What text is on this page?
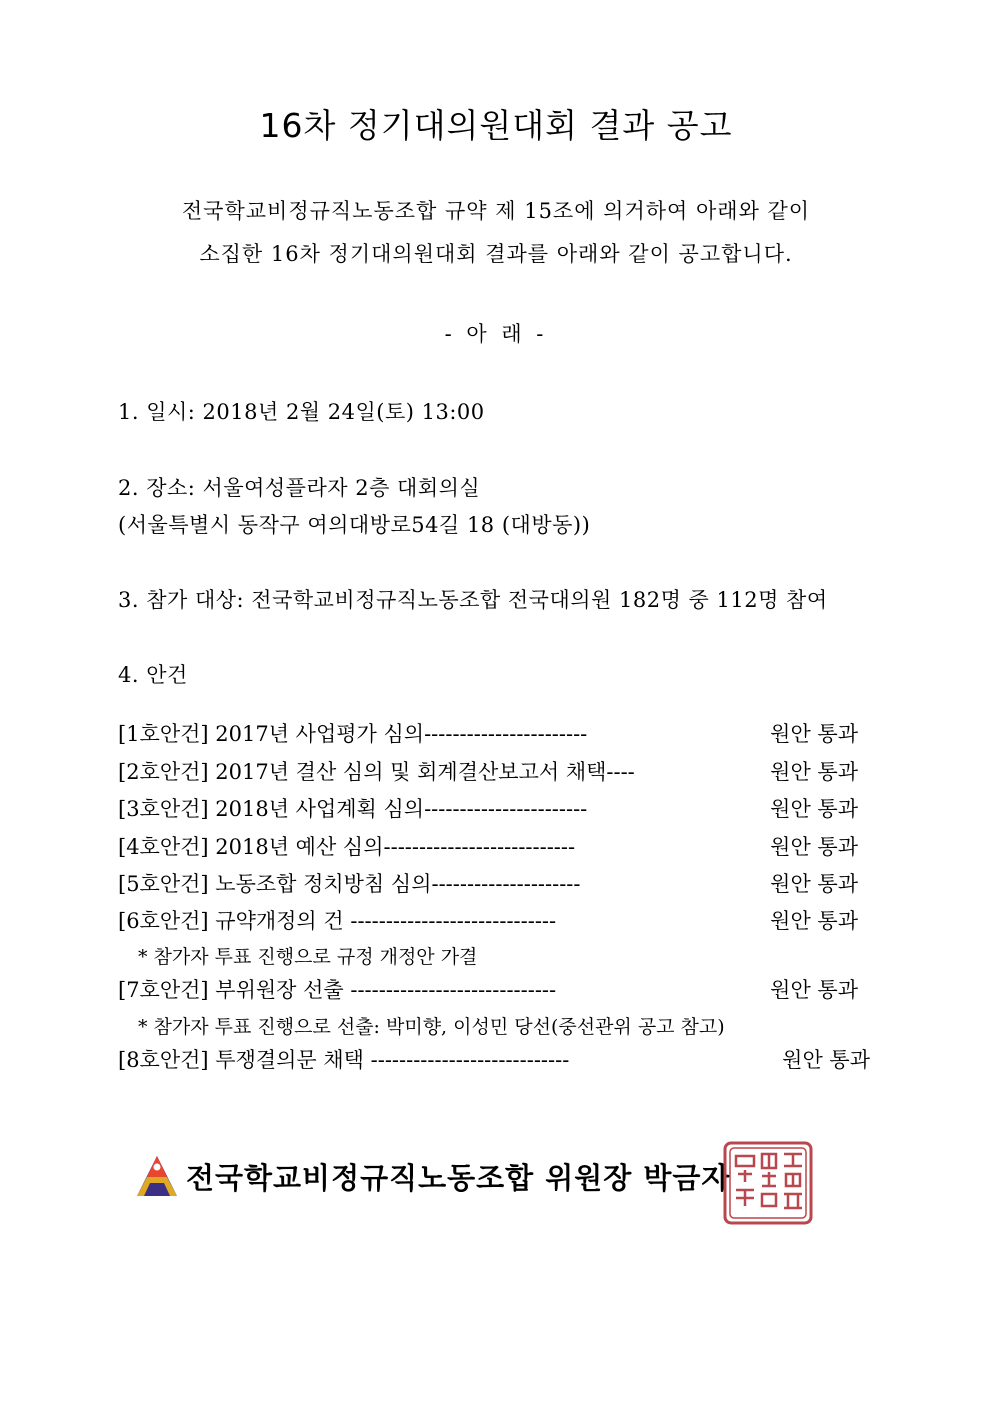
16차 정기대의원대회 결과 공고
전국학교비정규직노동조합 규약 제 15조에 의거하여 아래와 같이
소집한 16차 정기대의원대회 결과를 아래와 같이 공고합니다.
- 아 래 -
1. 일시: 2018년 2월 24일(토) 13:00
2. 장소: 서울여성플라자 2층 대회의실
(서울특별시 동작구 여의대방로54길 18 (대방동))
3. 참가 대상: 전국학교비정규직노동조합 전국대의원 182명 중 112명 참여
4. 안건
[1호안건] 2017년 사업평가 심의-----------------------	원안 통과
[2호안건] 2017년 결산 심의 및 회계결산보고서 채택----	원안 통과
[3호안건] 2018년 사업계획 심의-----------------------	원안 통과
[4호안건] 2018년 예산 심의---------------------------	원안 통과
[5호안건] 노동조합 정치방침 심의---------------------	원안 통과
[6호안건] 규약개정의 건 -----------------------------	원안 통과
* 참가자 투표 진행으로 규정 개정안 가결
[7호안건] 부위원장 선출 -----------------------------	원안 통과
* 참가자 투표 진행으로 선출: 박미향, 이성민 당선(중선관위 공고 참고)
[8호안건] 투쟁결의문 채택 ----------------------------	원안 통과
전국학교비정규직노동조합 위원장 박금자
